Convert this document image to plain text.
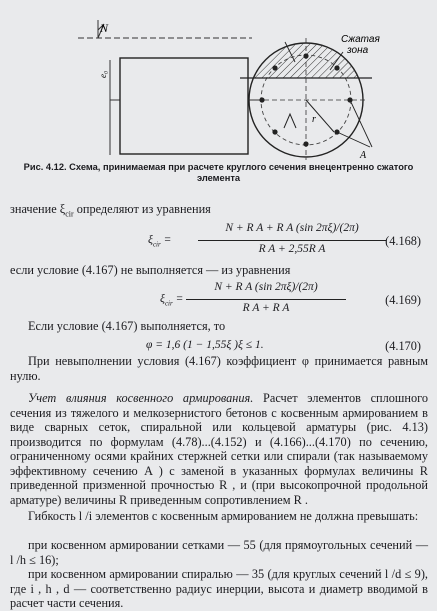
N
e₀
Сжатая
зона
r
A
Рис. 4.12. Схема, принимаемая при расчете круглого сечения внецентренно сжатого
элемента
значение $\xi_{cir}$ определяют из уравнения
$\xi_{cir}$ =
N + R A + R A (sin 2πξ)/(2π)
R A + 2,55R A
(4.168)
если условие (4.167) не выполняется — из уравнения
$\xi_{cir}$ =
N + R A (sin 2πξ)/(2π)
R A + R A
(4.169)
Если условие (4.167) выполняется, то
φ = 1,6 (1 − 1,55ξ )ξ ≤ 1.	(4.170)
При невыполнении условия (4.167) коэффициент φ принимается равным нулю.
Учет влияния косвенного армирования. Расчет элементов сплошного сечения из тяжелого и мелкозернистого бетонов с косвенным армированием в виде сварных сеток, спиральной или кольцевой арматуры (рис. 4.13) производится по формулам (4.78)...(4.152) и (4.166)...(4.170) по сечению, ограниченному осями крайних стержней сетки или спирали (так называемому эффективному сечению A ) с заменой в указанных формулах величины R приведенной призменной прочностью R , и (при высокопрочной продольной арматуре) величины R приведенным сопротивлением R .
Гибкость l /i элементов с косвенным армированием не должна превышать:
при косвенном армировании сетками — 55 (для прямоугольных сечений — l /h ≤ 16);
при косвенном армировании спиралью — 35 (для круглых сечений l /d ≤ 9), где i , h , d — соответственно радиус инерции, высота и диаметр вводимой в расчет части сечения.
